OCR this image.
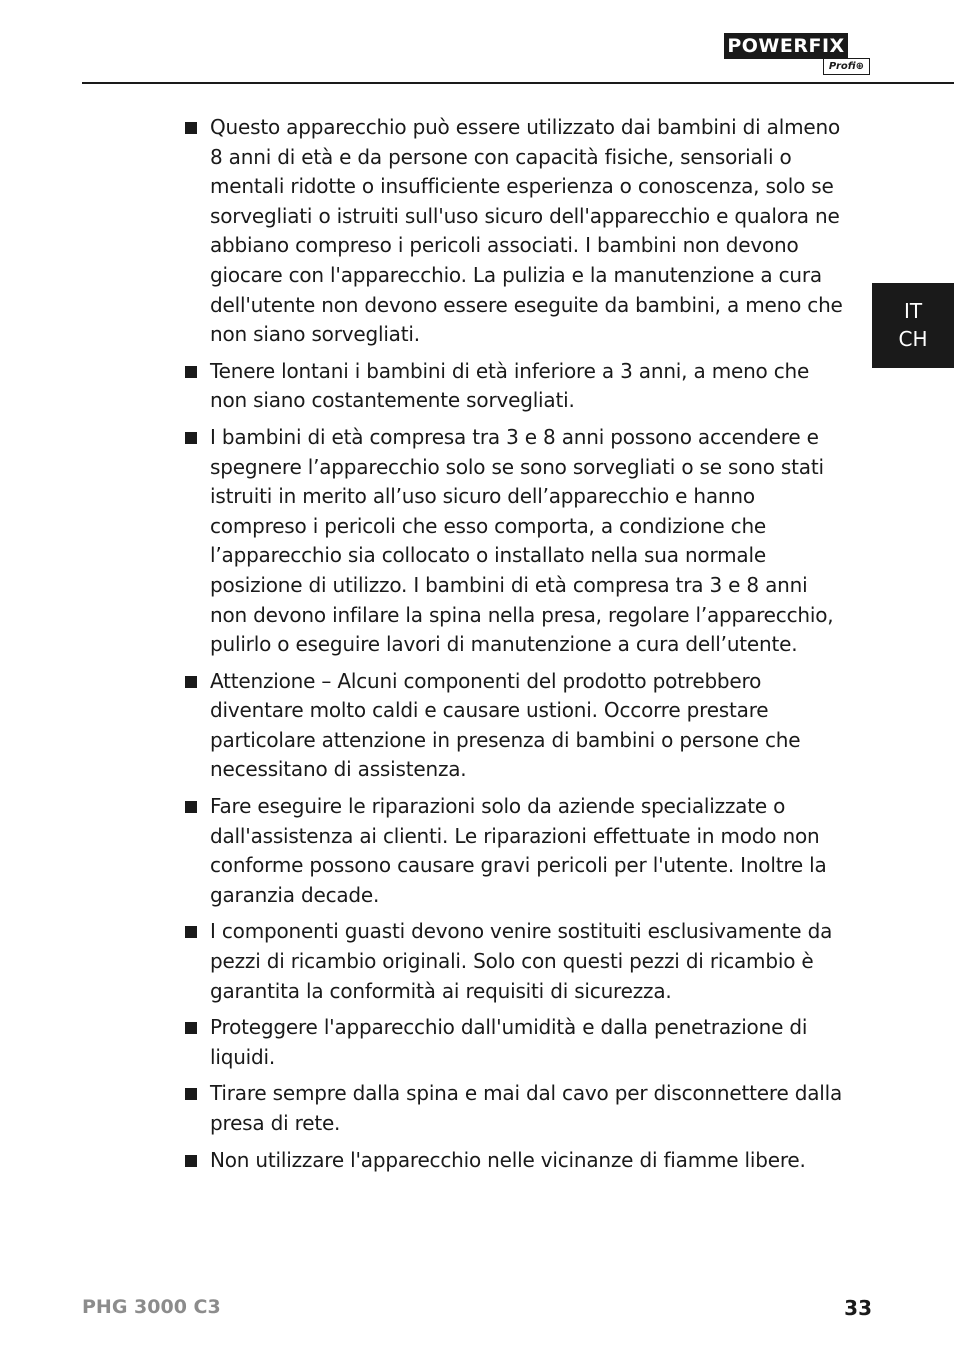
POWERFIX
Profi⊕
IT
CH
Questo apparecchio può essere utilizzato dai bambini di almeno 8 anni di età e da persone con capacità fisiche, sensoriali o mentali ridotte o insufficiente esperienza o conoscenza, solo se sorvegliati o istruiti sull'uso sicuro dell'apparecchio e qualora ne abbiano compreso i pericoli associati. I bambini non devono giocare con l'apparecchio. La pulizia e la manutenzione a cura dell'utente non devono essere eseguite da bambini, a meno che non siano sorvegliati.
Tenere lontani i bambini di età inferiore a 3 anni, a meno che non siano costantemente sorvegliati.
I bambini di età compresa tra 3 e 8 anni possono accendere e spegnere l’apparecchio solo se sono sorvegliati o se sono stati istruiti in merito all’uso sicuro dell’apparecchio e hanno compreso i pericoli che esso comporta, a condizione che l’apparecchio sia collocato o installato nella sua normale posizione di utilizzo. I bambini di età compresa tra 3 e 8 anni non devono infilare la spina nella presa, regolare l’apparecchio, pulirlo o eseguire lavori di manutenzione a cura dell’utente.
Attenzione – Alcuni componenti del prodotto potrebbero diventare molto caldi e causare ustioni. Occorre prestare particolare attenzione in presenza di bambini o persone che necessitano di assistenza.
Fare eseguire le riparazioni solo da aziende specializzate o dall'assistenza ai clienti. Le riparazioni effettuate in modo non conforme possono causare gravi pericoli per l'utente. Inoltre la garanzia decade.
I componenti guasti devono venire sostituiti esclusivamente da pezzi di ricambio originali. Solo con questi pezzi di ricambio è garantita la conformità ai requisiti di sicurezza.
Proteggere l'apparecchio dall'umidità e dalla penetrazione di liquidi.
Tirare sempre dalla spina e mai dal cavo per disconnettere dalla presa di rete.
Non utilizzare l'apparecchio nelle vicinanze di fiamme libere.
PHG 3000 C3	33
